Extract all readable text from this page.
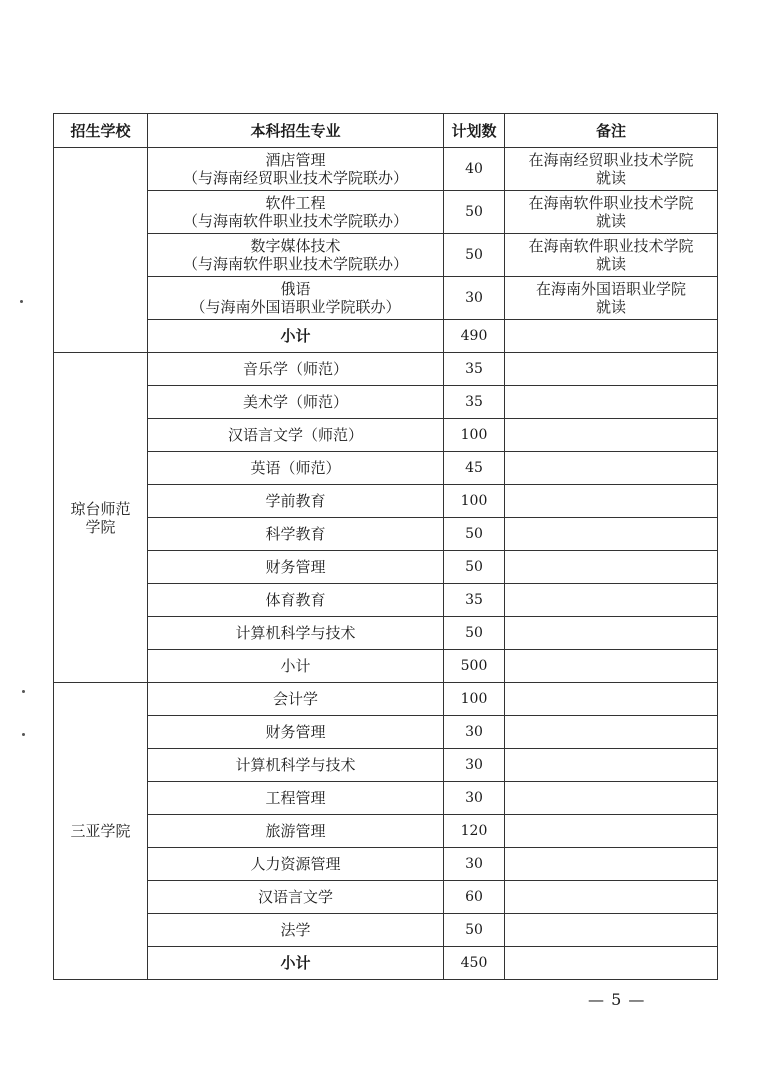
招生学校	本科招生专业	计划数	备注

	酒店管理
（与海南经贸职业技术学院联办）	40	在海南经贸职业技术学院
就读

	软件工程
（与海南软件职业技术学院联办）	50	在海南软件职业技术学院
就读

	数字媒体技术
（与海南软件职业技术学院联办）	50	在海南软件职业技术学院
就读

	俄语
（与海南外国语职业学院联办）	30	在海南外国语职业学院
就读

	小计	490	

琼台师范
学院	音乐学（师范）	35	
	美术学（师范）	35	
	汉语言文学（师范）	100	
	英语（师范）	45	
	学前教育	100	
	科学教育	50	
	财务管理	50	
	体育教育	35	
	计算机科学与技术	50	
	小计	500	
三亚学院	会计学	100	
	财务管理	30	
	计算机科学与技术	30	
	工程管理	30	
	旅游管理	120	
	人力资源管理	30	
	汉语言文学	60	
	法学	50	
	小计	450	
— 5 —
